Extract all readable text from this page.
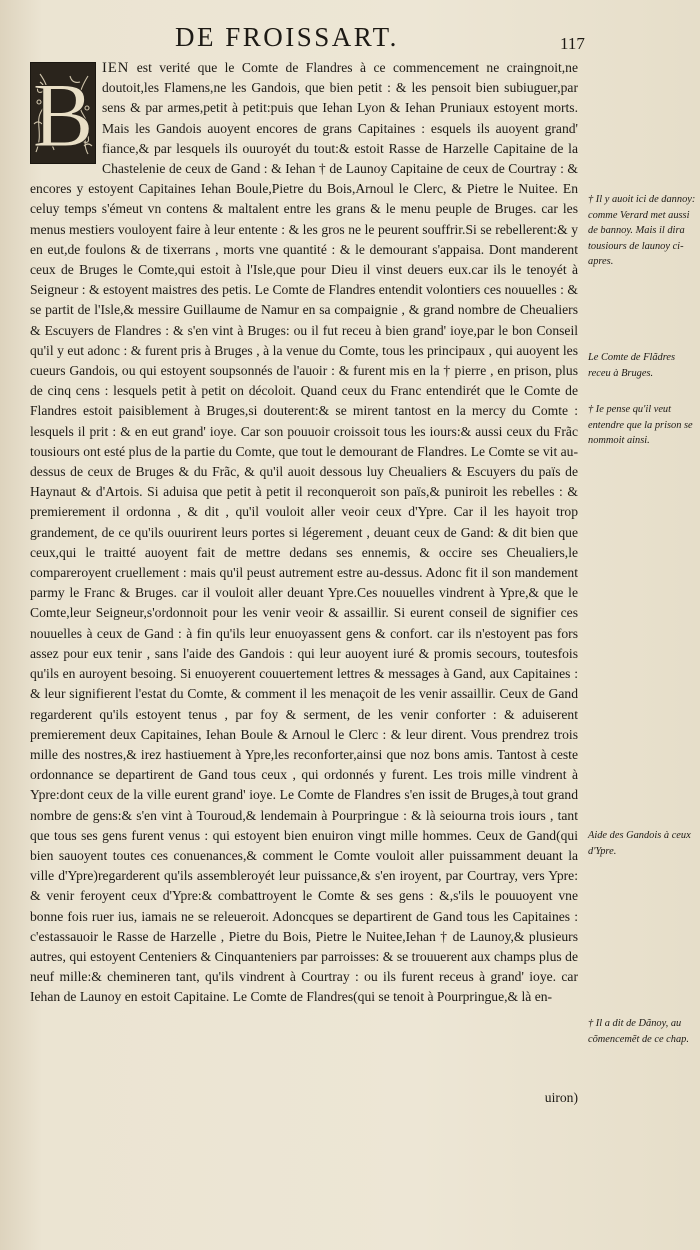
DE FROISSART.	117
B IEN est verité que le Comte de Flandres à ce commencement ne craingnoit,ne doutoit,les Flamens,ne les Gandois, que bien petit : & les pensoit bien subiuguer,par sens & par armes,petit à petit:puis que Iehan Lyon & Iehan Pruniaux estoyent morts. Mais les Gandois auoyent encores de grans Capitaines : esquels ils auoyent grand' fiance,& par lesquels ils ouuroyét du tout:& estoit Rasse de Harzelle Capitaine de la Chastelenie de ceux de Gand : & Iehan † de Launoy Capitaine de ceux de Courtray : & encores y estoyent Capitaines Iehan Boule,Pietre du Bois,Arnoul le Clerc, & Pietre le Nuitee. En celuy temps s'émeut vn contens & maltalent entre les grans & le menu peuple de Bruges. car les menus mestiers vouloyent faire à leur entente : & les gros ne le peurent souffrir.Si se rebellerent:& y en eut,de foulons & de tixerrans , morts vne quantité : & le demourant s'appaisa. Dont manderent ceux de Bruges le Comte,qui estoit à l'Isle,que pour Dieu il vinst deuers eux.car ils le tenoyét à Seigneur : & estoyent maistres des petis. Le Comte de Flandres entendit volontiers ces nouuelles : & se partit de l'Isle,& messire Guillaume de Namur en sa compaignie , & grand nombre de Cheualiers & Escuyers de Flandres : & s'en vint à Bruges: ou il fut receu à bien grand' ioye,par le bon Conseil qu'il y eut adonc : & furent pris à Bruges , à la venue du Comte, tous les principaux , qui auoyent les cueurs Gandois, ou qui estoyent soupsonnés de l'auoir : & furent mis en la † pierre , en prison, plus de cinq cens : lesquels petit à petit on décoloit. Quand ceux du Franc entendirét que le Comte de Flandres estoit paisiblement à Bruges,si douterent:& se mirent tantost en la mercy du Comte : lesquels il prit : & en eut grand' ioye. Car son pouuoir croissoit tous les iours:& aussi ceux du Frãc tousiours ont esté plus de la partie du Comte, que tout le demourant de Flandres. Le Comte se vit au-dessus de ceux de Bruges & du Frãc, & qu'il auoit dessous luy Cheualiers & Escuyers du païs de Haynaut & d'Artois. Si aduisa que petit à petit il reconqueroit son païs,& puniroit les rebelles : & premierement il ordonna , & dit , qu'il vouloit aller veoir ceux d'Ypre. Car il les hayoit trop grandement, de ce qu'ils ouurirent leurs portes si légerement , deuant ceux de Gand: & dit bien que ceux,qui le traitté auoyent fait de mettre dedans ses ennemis, & occire ses Cheualiers,le compareroyent cruellement : mais qu'il peust autrement estre au-dessus. Adonc fit il son mandement parmy le Franc & Bruges. car il vouloit aller deuant Ypre.Ces nouuelles vindrent à Ypre,& que le Comte,leur Seigneur,s'ordonnoit pour les venir veoir & assaillir. Si eurent conseil de signifier ces nouuelles à ceux de Gand : à fin qu'ils leur enuoyassent gens & confort. car ils n'estoyent pas fors assez pour eux tenir , sans l'aide des Gandois : qui leur auoyent iuré & promis secours, toutesfois qu'ils en auroyent besoing. Si enuoyerent couuertement lettres & messages à Gand, aux Capitaines : & leur signifierent l'estat du Comte, & comment il les menaçoit de les venir assaillir. Ceux de Gand regarderent qu'ils estoyent tenus , par foy & serment, de les venir conforter : & aduiserent premierement deux Capitaines, Iehan Boule & Arnoul le Clerc : & leur dirent. Vous prendrez trois mille des nostres,& irez hastiuement à Ypre,les reconforter,ainsi que noz bons amis. Tantost à ceste ordonnance se departirent de Gand tous ceux , qui ordonnés y furent. Les trois mille vindrent à Ypre:dont ceux de la ville eurent grand' ioye. Le Comte de Flandres s'en issit de Bruges,à tout grand nombre de gens:& s'en vint à Touroud,& lendemain à Pourpringue : & là seiourna trois iours , tant que tous ses gens furent venus : qui estoyent bien enuiron vingt mille hommes. Ceux de Gand(qui bien sauoyent toutes ces conuenances,& comment le Comte vouloit aller puissamment deuant la ville d'Ypre)regarderent qu'ils assembleroyét leur puissance,& s'en iroyent, par Courtray, vers Ypre: & venir feroyent ceux d'Ypre:& combattroyent le Comte & ses gens : &,s'ils le pouuoyent vne bonne fois ruer ius, iamais ne se releueroit. Adoncques se departirent de Gand tous les Capitaines : c'estassauoir le Rasse de Harzelle , Pietre du Bois, Pietre le Nuitee,Iehan † de Launoy,& plusieurs autres, qui estoyent Centeniers & Cinquanteniers par parroisses: & se trouuerent aux champs plus de neuf mille:& chemineren tant, qu'ils vindrent à Courtray : ou ils furent receus à grand' ioye. car Iehan de Launoy en estoit Capitaine. Le Comte de Flandres(qui se tenoit à Pourpringue,& là en-

uiron)
† Il y auoit ici de dannoy: comme Verard met aussi de bannoy. Mais il dira tousiours de launoy ci-apres.
Le Comte de Flãdres receu à Bruges.
† Ie pense qu'il veut entendre que la prison se nommoit ainsi.
Aide des Gandois à ceux d'Ypre.
† Il a dit de Dãnoy, au cõmencemẽt de ce chap.
